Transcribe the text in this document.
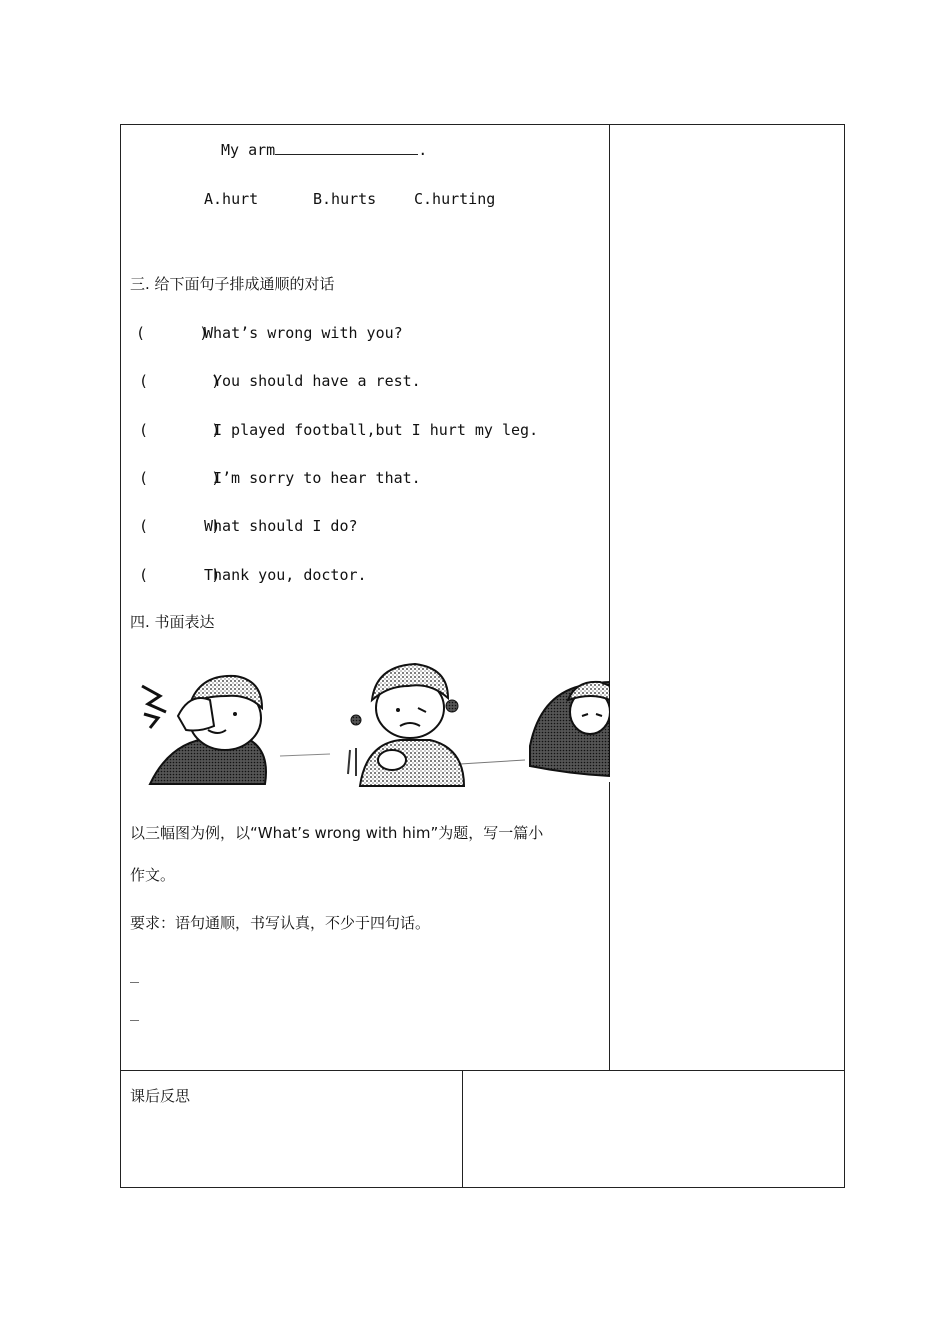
My arm	.
A.hurt	B.hurts	C.hurting
三. 给下面句子排成通顺的对话
(      )
What’s wrong with you?
(       )
You should have a rest.
(       )
I played football,but I hurt my leg.
(       )
I’m sorry to hear that.
(       )
What should I do?
(       )
Thank you, doctor.
四. 书面表达
以三幅图为例，以“What’s wrong with him”为题，写一篇小
作文。
要求：语句通顺，书写认真，不少于四句话。
_
_
课后反思
